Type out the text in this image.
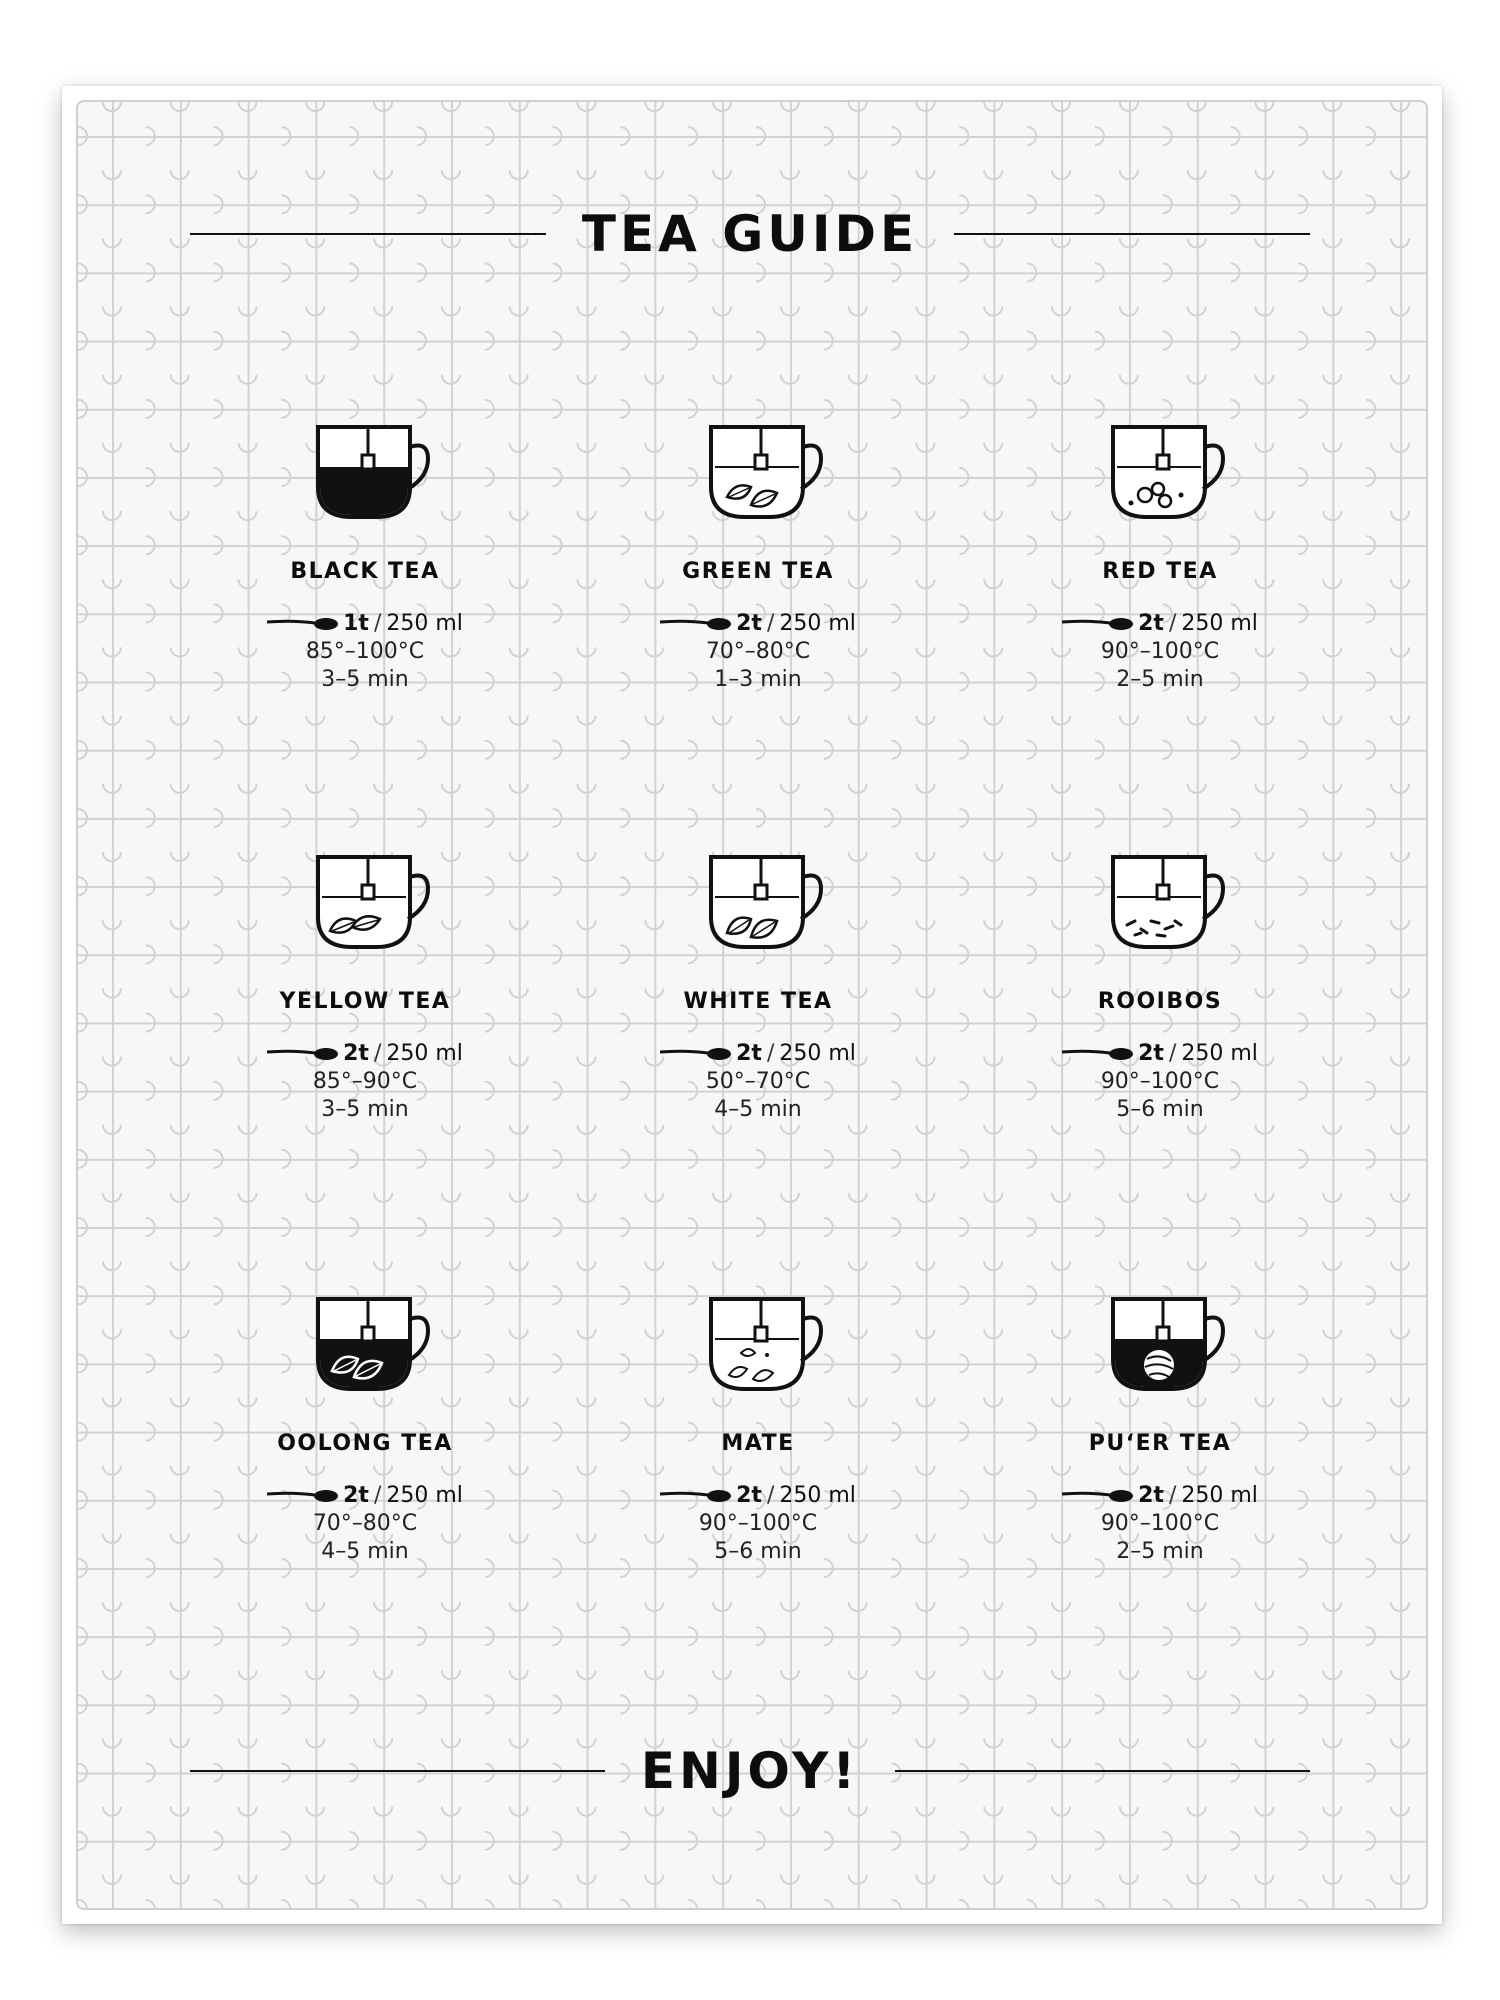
TEA GUIDE
BLACK TEA
1t / 250 ml
85°–100°C
3–5 min
GREEN TEA
2t / 250 ml
70°–80°C
1–3 min
RED TEA
2t / 250 ml
90°–100°C
2–5 min
YELLOW TEA
2t / 250 ml
85°–90°C
3–5 min
WHITE TEA
2t / 250 ml
50°–70°C
4–5 min
ROOIBOS
2t / 250 ml
90°–100°C
5–6 min
OOLONG TEA
2t / 250 ml
70°–80°C
4–5 min
MATE
2t / 250 ml
90°–100°C
5–6 min
PU‘ER TEA
2t / 250 ml
90°–100°C
2–5 min
ENJOY!
